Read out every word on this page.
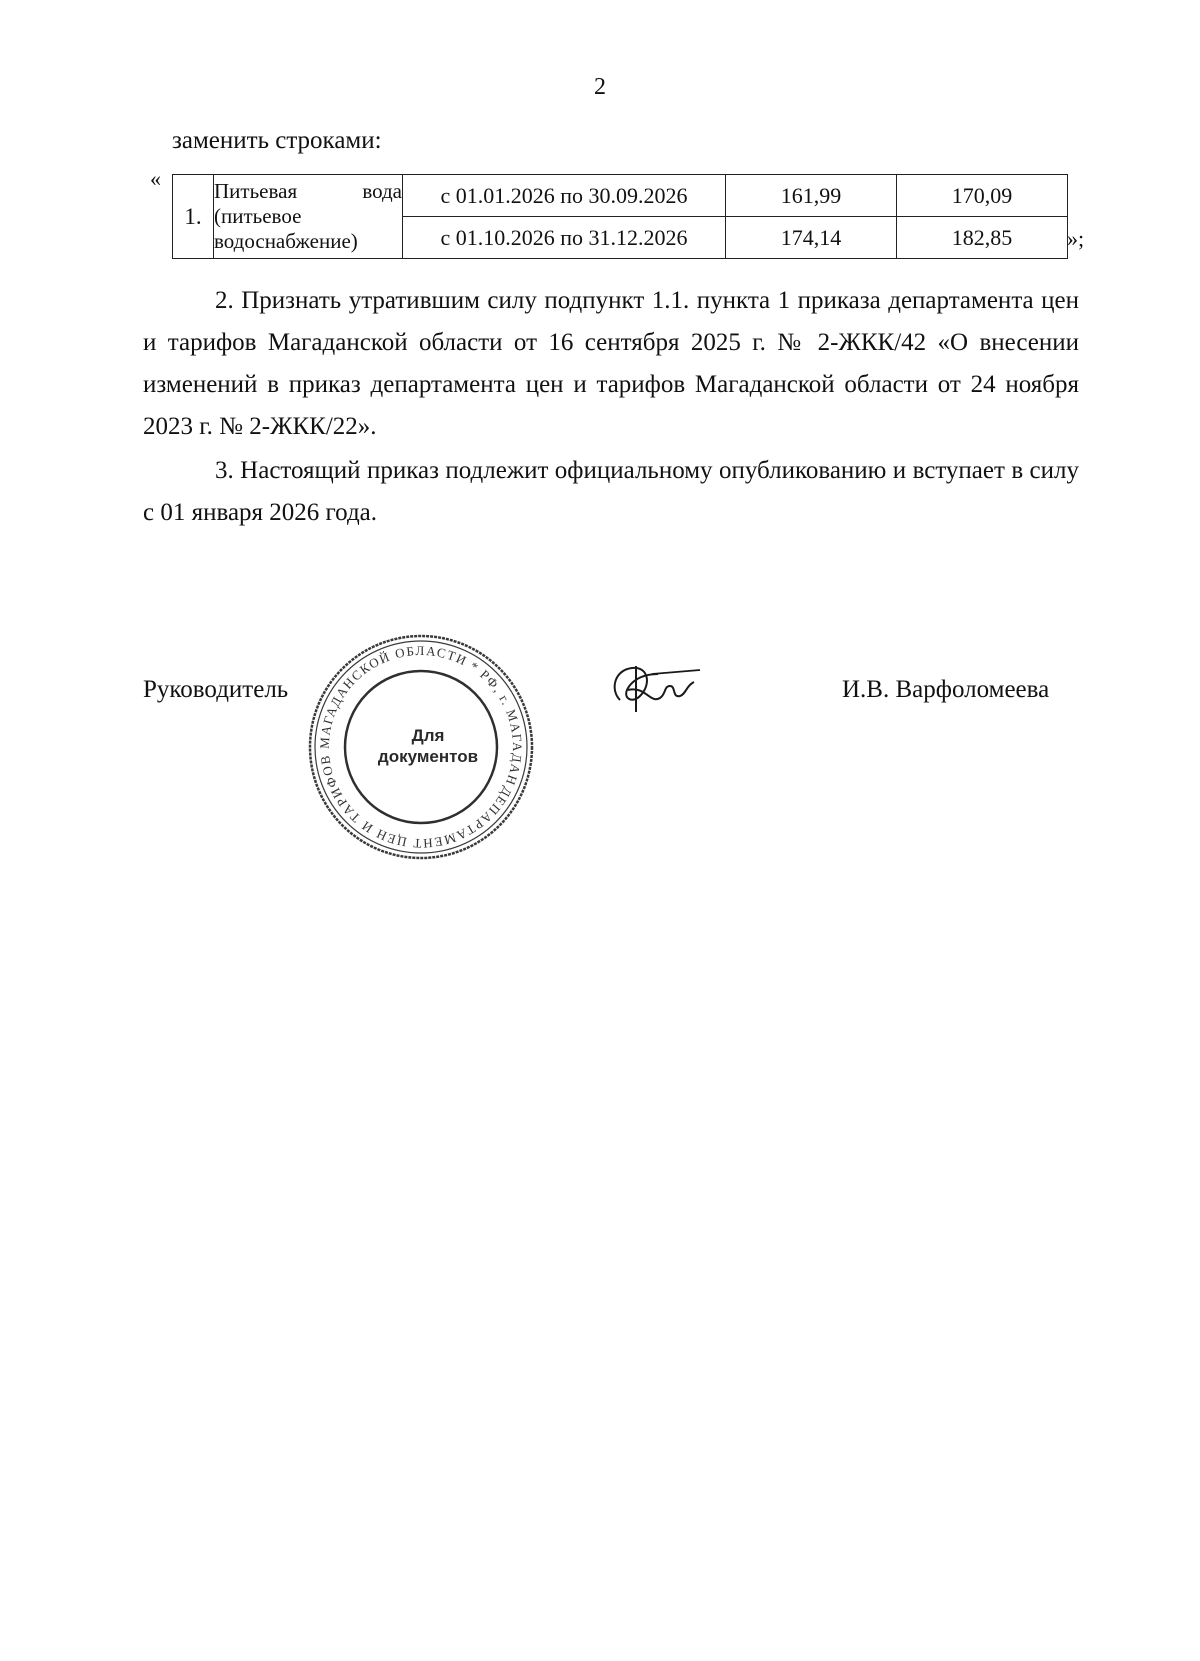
2
заменить строками:
«
1.	Питьевая вода
(питьевое
водоснабжение)	с 01.01.2026 по 30.09.2026	161,99	170,09
		с 01.10.2026 по 31.12.2026	174,14	182,85 »;
2. Признать утратившим силу подпункт 1.1. пункта 1 приказа департамента цен и тарифов Магаданской области от 16 сентября 2025 г. № 2-ЖКК/42 «О внесении изменений в приказ департамента цен и тарифов Магаданской области от 24 ноября 2023 г. № 2-ЖКК/22».
3. Настоящий приказ подлежит официальному опубликованию и вступает в силу с 01 января 2026 года.
Руководитель
ДЕПАРТАМЕНТ ЦЕН И ТАРИФОВ МАГАДАНСКОЙ ОБЛАСТИ * РФ, г. МАГАДАН
Для
документов
И.В. Варфоломеева
